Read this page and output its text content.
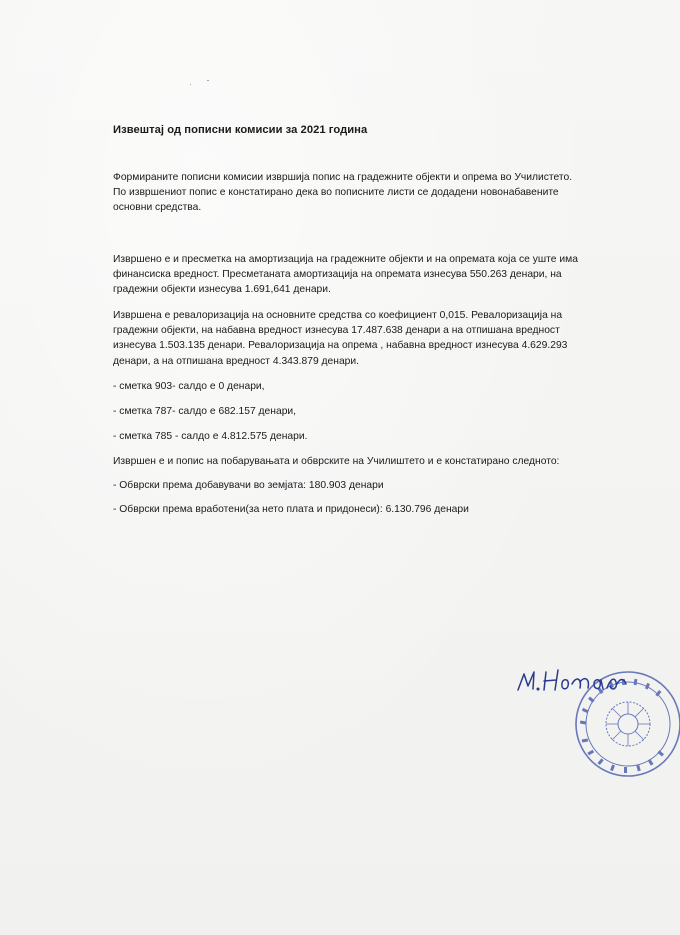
Извештај од пописни комисии за 2021 година
Формираните пописни комисии извршија попис на градежните објекти и опрема во Училистето.
По извршениот попис е констатирано дека во пописните листи се додадени новонабавените
основни средства.
Извршено е и пресметка на амортизација на градежните објекти и на опремата која се уште има
финансиска вредност. Пресметаната амортизација на опремата изнесува 550.263 денари, на
градежни објекти изнесува 1.691,641 денари.
Извршена е ревалоризација на основните средства со коефициент 0,015. Ревалоризација на
градежни објекти, на набавна вредност изнесува 17.487.638 денари а на отпишана вредност
изнесува 1.503.135 денари. Ревалоризација на опрема , набавна вредност изнесува 4.629.293
денари, а на отпишана вредност 4.343.879 денари.
- сметка 903- салдо е 0 денари,
- сметка 787- салдо е 682.157 денари,
- сметка 785 - салдо е 4.812.575 денари.
Извршен е и попис на побарувањата и обврските на Училиштето и е констатирано следното:
- Обврски према добавувачи во земјата: 180.903 денари
- Обврски према вработени(за нето плата и придонеси): 6.130.796 денари
